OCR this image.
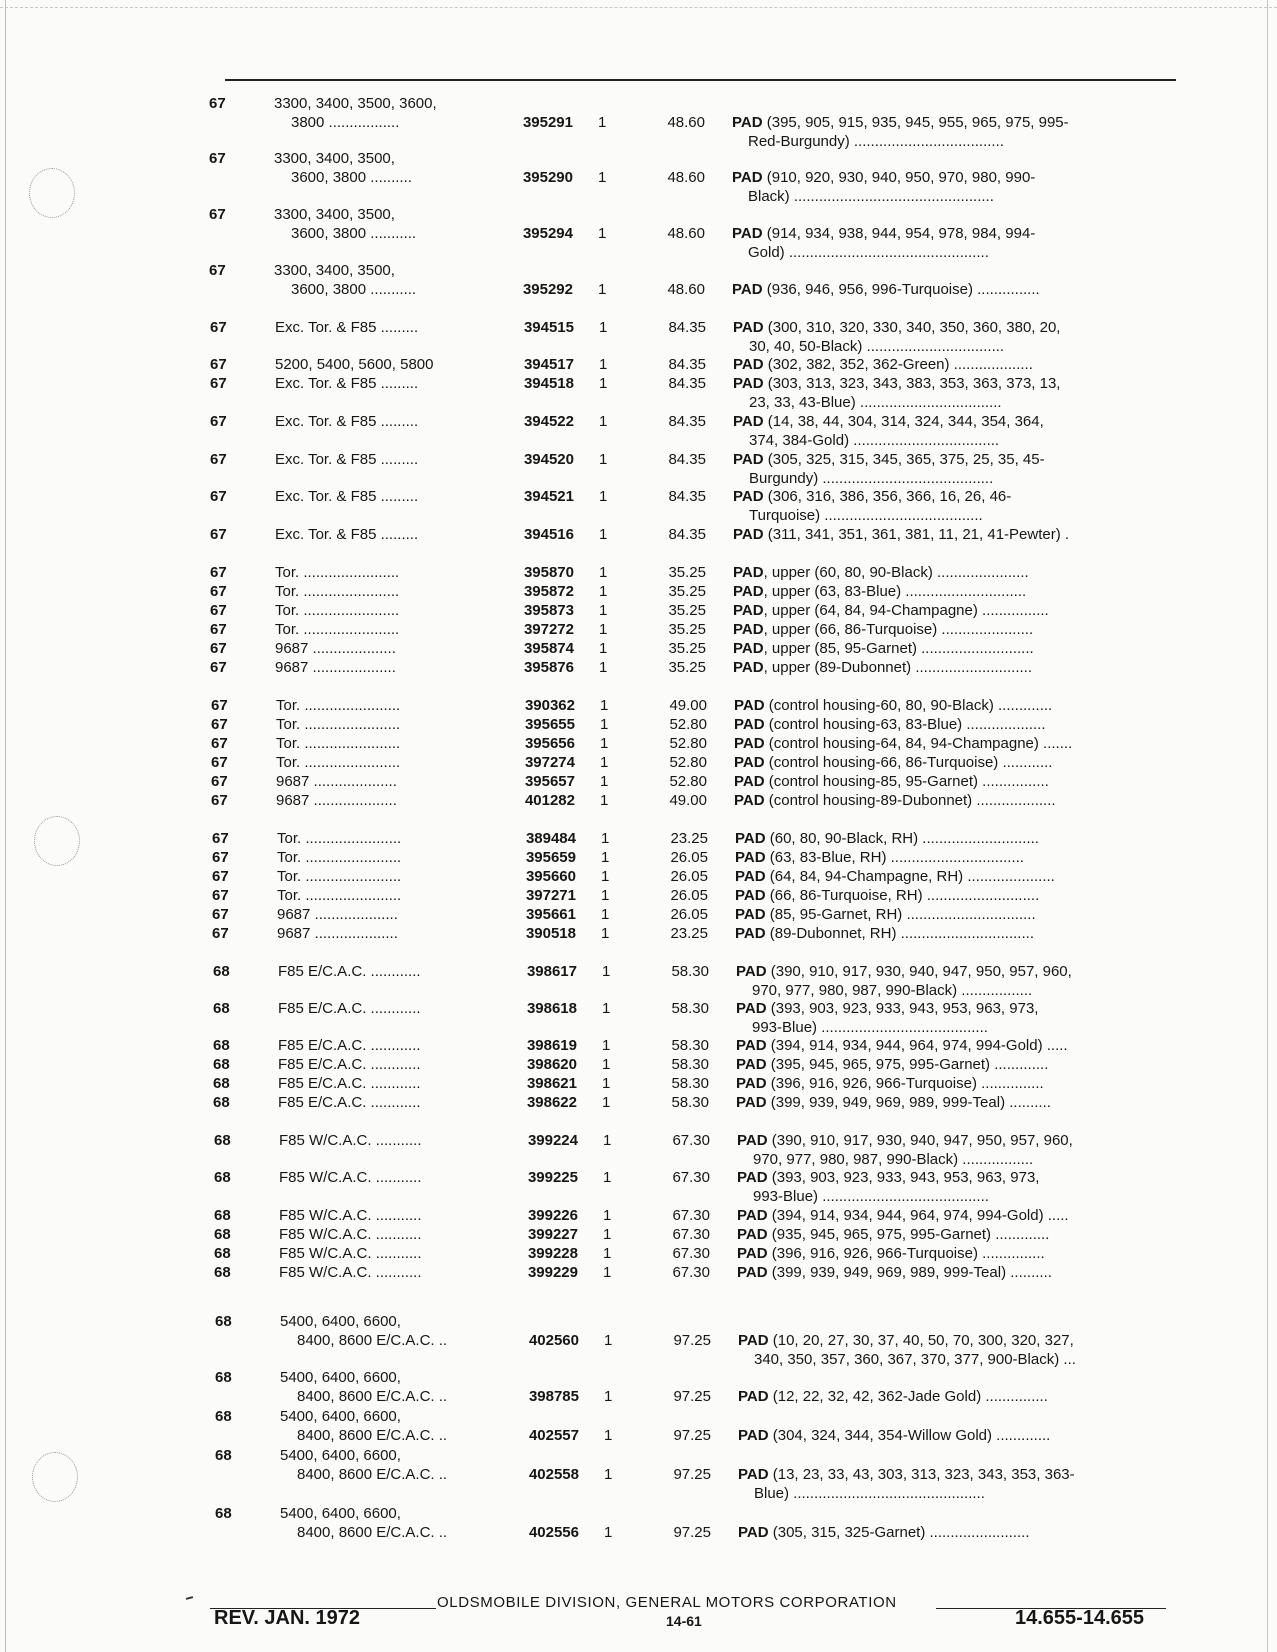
67	3300, 3400, 3500, 3600,
3800 .................	395291 1	48.60 PAD (395, 905, 915, 935, 945, 955, 965, 975, 995-
Red-Burgundy) ....................................
67	3300, 3400, 3500,
3600, 3800 ..........	395290 1	48.60 PAD (910, 920, 930, 940, 950, 970, 980, 990-
Black) ................................................
67	3300, 3400, 3500,
3600, 3800 ...........	395294 1	48.60 PAD (914, 934, 938, 944, 954, 978, 984, 994-
Gold) ................................................
67	3300, 3400, 3500,
3600, 3800 ...........	395292 1	48.60 PAD (936, 946, 956, 996-Turquoise) ...............
67	Exc. Tor. & F85 .........	394515 1	84.35 PAD (300, 310, 320, 330, 340, 350, 360, 380, 20,
30, 40, 50-Black) .................................
67	5200, 5400, 5600, 5800	394517 1	84.35 PAD (302, 382, 352, 362-Green) ...................
67	Exc. Tor. & F85 .........	394518 1	84.35 PAD (303, 313, 323, 343, 383, 353, 363, 373, 13,
23, 33, 43-Blue) ..................................
67	Exc. Tor. & F85 .........	394522 1	84.35 PAD (14, 38, 44, 304, 314, 324, 344, 354, 364,
374, 384-Gold) ...................................
67	Exc. Tor. & F85 .........	394520 1	84.35 PAD (305, 325, 315, 345, 365, 375, 25, 35, 45-
Burgundy) .........................................
67	Exc. Tor. & F85 .........	394521 1	84.35 PAD (306, 316, 386, 356, 366, 16, 26, 46-
Turquoise) ......................................
67	Exc. Tor. & F85 .........	394516 1	84.35 PAD (311, 341, 351, 361, 381, 11, 21, 41-Pewter) .
67	Tor. .......................	395870 1	35.25 PAD, upper (60, 80, 90-Black) ......................
67	Tor. .......................	395872 1	35.25 PAD, upper (63, 83-Blue) .............................
67	Tor. .......................	395873 1	35.25 PAD, upper (64, 84, 94-Champagne) ................
67	Tor. .......................	397272 1	35.25 PAD, upper (66, 86-Turquoise) ......................
67	9687 ....................	395874 1	35.25 PAD, upper (85, 95-Garnet) ...........................
67	9687 ....................	395876 1	35.25 PAD, upper (89-Dubonnet) ............................
67	Tor. .......................	390362 1	49.00 PAD (control housing-60, 80, 90-Black) .............
67	Tor. .......................	395655 1	52.80 PAD (control housing-63, 83-Blue) ...................
67	Tor. .......................	395656 1	52.80 PAD (control housing-64, 84, 94-Champagne) .......
67	Tor. .......................	397274 1	52.80 PAD (control housing-66, 86-Turquoise) ............
67	9687 ....................	395657 1	52.80 PAD (control housing-85, 95-Garnet) ................
67	9687 ....................	401282 1	49.00 PAD (control housing-89-Dubonnet) ...................
67	Tor. .......................	389484 1	23.25 PAD (60, 80, 90-Black, RH) ............................
67	Tor. .......................	395659 1	26.05 PAD (63, 83-Blue, RH) ................................
67	Tor. .......................	395660 1	26.05 PAD (64, 84, 94-Champagne, RH) .....................
67	Tor. .......................	397271 1	26.05 PAD (66, 86-Turquoise, RH) ...........................
67	9687 ....................	395661 1	26.05 PAD (85, 95-Garnet, RH) ...............................
67	9687 ....................	390518 1	23.25 PAD (89-Dubonnet, RH) ................................
68	F85 E/C.A.C. ............	398617 1	58.30 PAD (390, 910, 917, 930, 940, 947, 950, 957, 960,
970, 977, 980, 987, 990-Black) .................
68	F85 E/C.A.C. ............	398618 1	58.30 PAD (393, 903, 923, 933, 943, 953, 963, 973,
993-Blue) ........................................
68	F85 E/C.A.C. ............	398619 1	58.30 PAD (394, 914, 934, 944, 964, 974, 994-Gold) .....
68	F85 E/C.A.C. ............	398620 1	58.30 PAD (395, 945, 965, 975, 995-Garnet) .............
68	F85 E/C.A.C. ............	398621 1	58.30 PAD (396, 916, 926, 966-Turquoise) ...............
68	F85 E/C.A.C. ............	398622 1	58.30 PAD (399, 939, 949, 969, 989, 999-Teal) ..........
68	F85 W/C.A.C. ...........	399224 1	67.30 PAD (390, 910, 917, 930, 940, 947, 950, 957, 960,
970, 977, 980, 987, 990-Black) .................
68	F85 W/C.A.C. ...........	399225 1	67.30 PAD (393, 903, 923, 933, 943, 953, 963, 973,
993-Blue) ........................................
68	F85 W/C.A.C. ...........	399226 1	67.30 PAD (394, 914, 934, 944, 964, 974, 994-Gold) .....
68	F85 W/C.A.C. ...........	399227 1	67.30 PAD (935, 945, 965, 975, 995-Garnet) .............
68	F85 W/C.A.C. ...........	399228 1	67.30 PAD (396, 916, 926, 966-Turquoise) ...............
68	F85 W/C.A.C. ...........	399229 1	67.30 PAD (399, 939, 949, 969, 989, 999-Teal) ..........
68	5400, 6400, 6600,
8400, 8600 E/C.A.C. ..	402560 1	97.25 PAD (10, 20, 27, 30, 37, 40, 50, 70, 300, 320, 327,
340, 350, 357, 360, 367, 370, 377, 900-Black) ...
68	5400, 6400, 6600,
8400, 8600 E/C.A.C. ..	398785 1	97.25 PAD (12, 22, 32, 42, 362-Jade Gold) ...............
68	5400, 6400, 6600,
8400, 8600 E/C.A.C. ..	402557 1	97.25 PAD (304, 324, 344, 354-Willow Gold) .............
68	5400, 6400, 6600,
8400, 8600 E/C.A.C. ..	402558 1	97.25 PAD (13, 23, 33, 43, 303, 313, 323, 343, 353, 363-
Blue) ..............................................
68	5400, 6400, 6600,
8400, 8600 E/C.A.C. ..	402556 1	97.25 PAD (305, 315, 325-Garnet) ........................
OLDSMOBILE DIVISION, GENERAL MOTORS CORPORATION
REV. JAN. 1972	14-61	14.655-14.655
